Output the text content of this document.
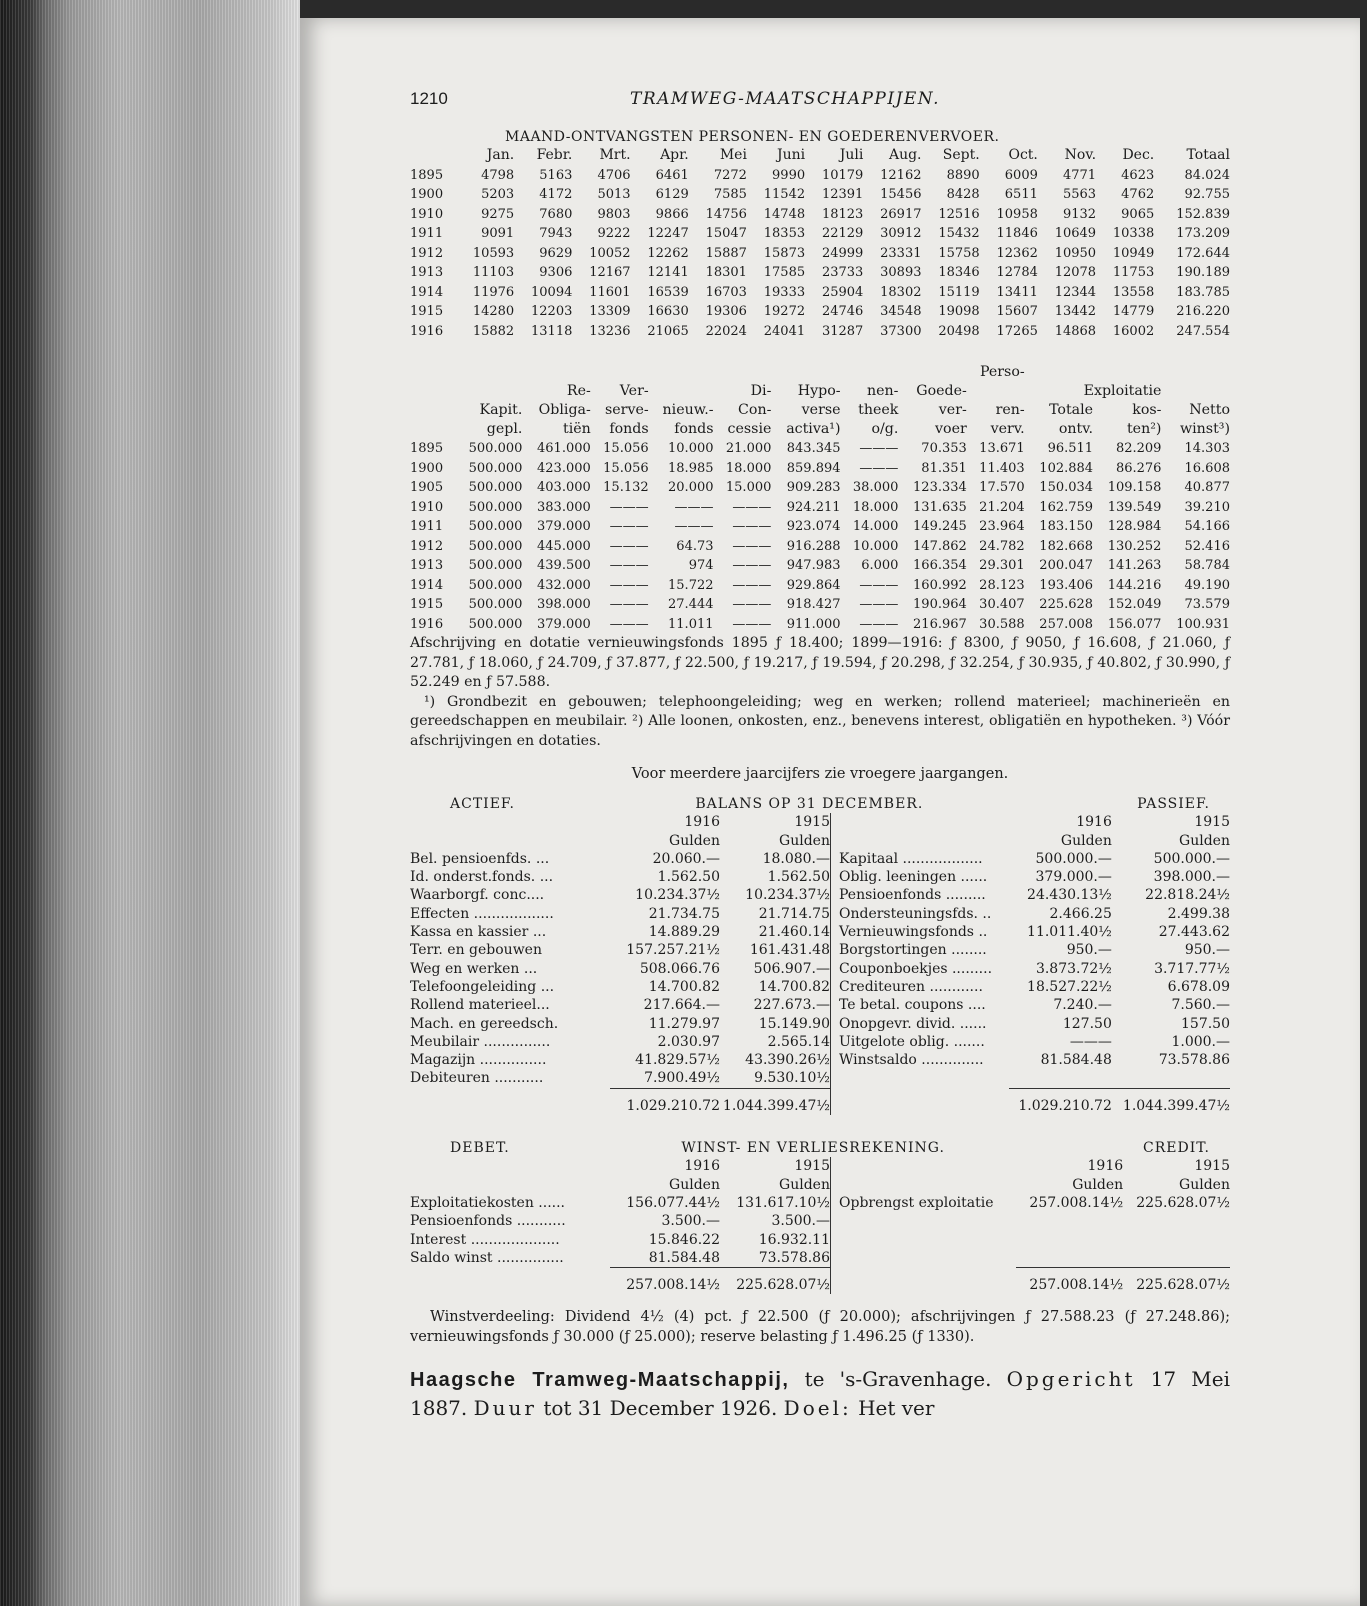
1210	TRAMWEG-MAATSCHAPPIJEN.
MAAND-ONTVANGSTEN PERSONEN- EN GOEDERENVERVOER.
	Jan.	Febr.	Mrt.	Apr.	Mei	Juni	Juli	Aug.	Sept.	Oct.	Nov.	Dec.	Totaal
1895	4798	5163	4706	6461	7272	9990	10179	12162	8890	6009	4771	4623	84.024
1900	5203	4172	5013	6129	7585	11542	12391	15456	8428	6511	5563	4762	92.755
1910	9275	7680	9803	9866	14756	14748	18123	26917	12516	10958	9132	9065	152.839
1911	9091	7943	9222	12247	15047	18353	22129	30912	15432	11846	10649	10338	173.209
1912	10593	9629	10052	12262	15887	15873	24999	23331	15758	12362	10950	10949	172.644
1913	11103	9306	12167	12141	18301	17585	23733	30893	18346	12784	12078	11753	190.189
1914	11976	10094	11601	16539	16703	19333	25904	18302	15119	13411	12344	13558	183.785
1915	14280	12203	13309	16630	19306	19272	24746	34548	19098	15607	13442	14779	216.220
1916	15882	13118	13236	21065	22024	24041	31287	37300	20498	17265	14868	16002	247.554
									Perso-			
		Re-	Ver-		Di-	Hypo-	nen-	Goede-		Exploitatie		
	Kapit.	Obliga-	serve-	nieuw.-	Con-	verse	theek	ver-	ren-	Totale	kos-	Netto
	gepl.	tiën	fonds	fonds	cessie	activa¹)	o/g.	voer	verv.	ontv.	ten²)	winst³)
1895	500.000	461.000	15.056	10.000	21.000	843.345	———	70.353	13.671	96.511	82.209	14.303
1900	500.000	423.000	15.056	18.985	18.000	859.894	———	81.351	11.403	102.884	86.276	16.608
1905	500.000	403.000	15.132	20.000	15.000	909.283	38.000	123.334	17.570	150.034	109.158	40.877
1910	500.000	383.000	———	———	———	924.211	18.000	131.635	21.204	162.759	139.549	39.210
1911	500.000	379.000	———	———	———	923.074	14.000	149.245	23.964	183.150	128.984	54.166
1912	500.000	445.000	———	64.73	———	916.288	10.000	147.862	24.782	182.668	130.252	52.416
1913	500.000	439.500	———	974	———	947.983	6.000	166.354	29.301	200.047	141.263	58.784
1914	500.000	432.000	———	15.722	———	929.864	———	160.992	28.123	193.406	144.216	49.190
1915	500.000	398.000	———	27.444	———	918.427	———	190.964	30.407	225.628	152.049	73.579
1916	500.000	379.000	———	11.011	———	911.000	———	216.967	30.588	257.008	156.077	100.931

Afschrijving en dotatie vernieuwingsfonds 1895 ƒ 18.400; 1899—1916: ƒ 8300, ƒ 9050, ƒ 16.608, ƒ 21.060, ƒ 27.781, ƒ 18.060, ƒ 24.709, ƒ 37.877, ƒ 22.500, ƒ 19.217, ƒ 19.594, ƒ 20.298, ƒ 32.254, ƒ 30.935, ƒ 40.802, ƒ 30.990, ƒ 52.249 en ƒ 57.588.

¹) Grondbezit en gebouwen; telephoongeleiding; weg en werken; rollend materieel; machinerieën en gereedschappen en meubilair. ²) Alle loonen, onkosten, enz., benevens interest, obligatiën en hypotheken. ³) Vóór afschrijvingen en dotaties.

Voor meerdere jaarcijfers zie vroegere jaargangen.
ACTIEF.	BALANS OP 31 DECEMBER.			PASSIEF.	
	1916	1915		1916	1915
	Gulden	Gulden		Gulden	Gulden
Bel. pensioenfds. ...	20.060.—	18.080.—	Kapitaal ..................	500.000.—	500.000.—
Id. onderst.fonds. ...	1.562.50	1.562.50	Oblig. leeningen ......	379.000.—	398.000.—
Waarborgf. conc....	10.234.37½	10.234.37½	Pensioenfonds .........	24.430.13½	22.818.24½
Effecten ..................	21.734.75	21.714.75	Ondersteuningsfds. ..	2.466.25	2.499.38
Kassa en kassier ...	14.889.29	21.460.14	Vernieuwingsfonds ..	11.011.40½	27.443.62
Terr. en gebouwen	157.257.21½	161.431.48	Borgstortingen ........	950.—	950.—
Weg en werken ...	508.066.76	506.907.—	Couponboekjes .........	3.873.72½	3.717.77½
Telefoongeleiding ...	14.700.82	14.700.82	Crediteuren ............	18.527.22½	6.678.09
Rollend materieel...	217.664.—	227.673.—	Te betal. coupons ....	7.240.—	7.560.—
Mach. en gereedsch.	11.279.97	15.149.90	Onopgevr. divid. ......	127.50	157.50
Meubilair ...............	2.030.97	2.565.14	Uitgelote oblig. .......	———	1.000.—
Magazijn ...............	41.829.57½	43.390.26½	Winstsaldo ..............	81.584.48	73.578.86
Debiteuren ...........	7.900.49½	9.530.10½			
	1.029.210.72	1.044.399.47½		1.029.210.72	1.044.399.47½
DEBET.	WINST- EN VERLIESREKENING.			CREDIT.	
	1916	1915		1916	1915
	Gulden	Gulden		Gulden	Gulden
Exploitatiekosten ......	156.077.44½	131.617.10½	Opbrengst exploitatie	257.008.14½	225.628.07½
Pensioenfonds ...........	3.500.—	3.500.—			
Interest ....................	15.846.22	16.932.11			
Saldo winst ...............	81.584.48	73.578.86			
	257.008.14½	225.628.07½		257.008.14½	225.628.07½
Winstverdeeling: Dividend 4½ (4) pct. ƒ 22.500 (ƒ 20.000); afschrijvingen ƒ 27.588.23 (ƒ 27.248.86); vernieuwingsfonds ƒ 30.000 (ƒ 25.000); reserve belasting ƒ 1.496.25 (ƒ 1330).
Haagsche Tramweg-Maatschappij, te 's-Gravenhage. Opgericht 17 Mei 1887. Duur tot 31 December 1926. Doel: Het ver
